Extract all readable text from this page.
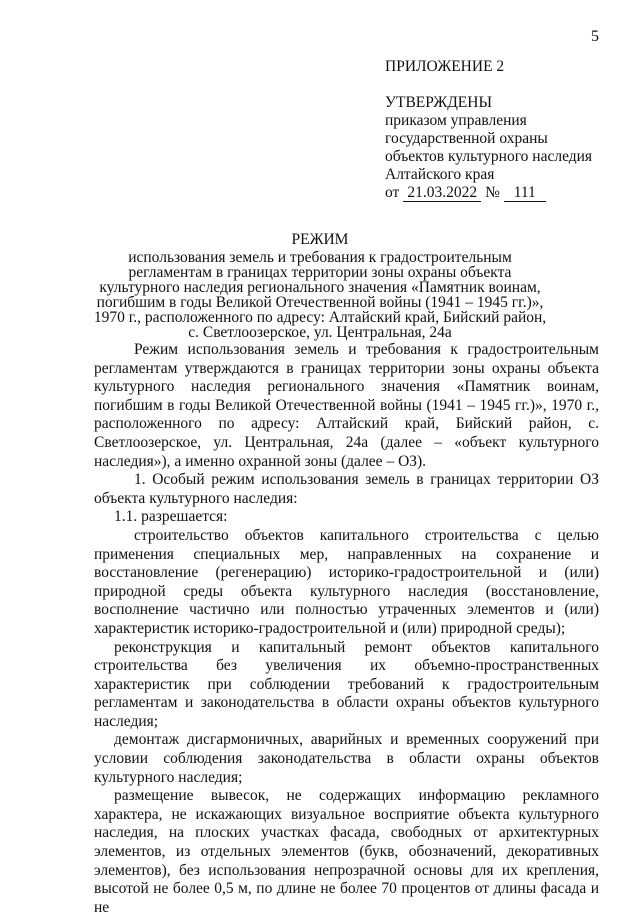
5
ПРИЛОЖЕНИЕ 2
УТВЕРЖДЕНЫ
приказом управления
государственной охраны
объектов культурного наследия
Алтайского края
от 21.03.2022 № 111
РЕЖИМ
использования земель и требования к градостроительным
регламентам в границах территории зоны охраны объекта
культурного наследия регионального значения «Памятник воинам,
погибшим в годы Великой Отечественной войны (1941 – 1945 гг.)»,
1970 г., расположенного по адресу: Алтайский край, Бийский район,
с. Светлоозерское, ул. Центральная, 24а

Режим использования земель и требования к градостроительным регламентам утверждаются в границах территории зоны охраны объекта культурного наследия регионального значения «Памятник воинам, погибшим в годы Великой Отечественной войны (1941 – 1945 гг.)», 1970 г., расположенного по адресу: Алтайский край, Бийский район, с. Светлоозерское, ул. Центральная, 24а (далее – «объект культурного наследия»), а именно охранной зоны (далее – ОЗ).

1. Особый режим использования земель в границах территории ОЗ объекта культурного наследия:

1.1. разрешается:

строительство объектов капитального строительства с целью применения специальных мер, направленных на сохранение и восстановление (регенерацию) историко-градостроительной и (или) природной среды объекта культурного наследия (восстановление, восполнение частично или полностью утраченных элементов и (или) характеристик историко-градостроительной и (или) природной среды);

реконструкция и капитальный ремонт объектов капитального строительства без увеличения их объемно-пространственных характеристик при соблюдении требований к градостроительным регламентам и законодательства в области охраны объектов культурного наследия;

демонтаж дисгармоничных, аварийных и временных сооружений при условии соблюдения законодательства в области охраны объектов культурного наследия;

размещение вывесок, не содержащих информацию рекламного характера, не искажающих визуальное восприятие объекта культурного наследия, на плоских участках фасада, свободных от архитектурных элементов, из отдельных элементов (букв, обозначений, декоративных элементов), без использования непрозрачной основы для их крепления, высотой не более 0,5 м, по длине не более 70 процентов от длины фасада и не
